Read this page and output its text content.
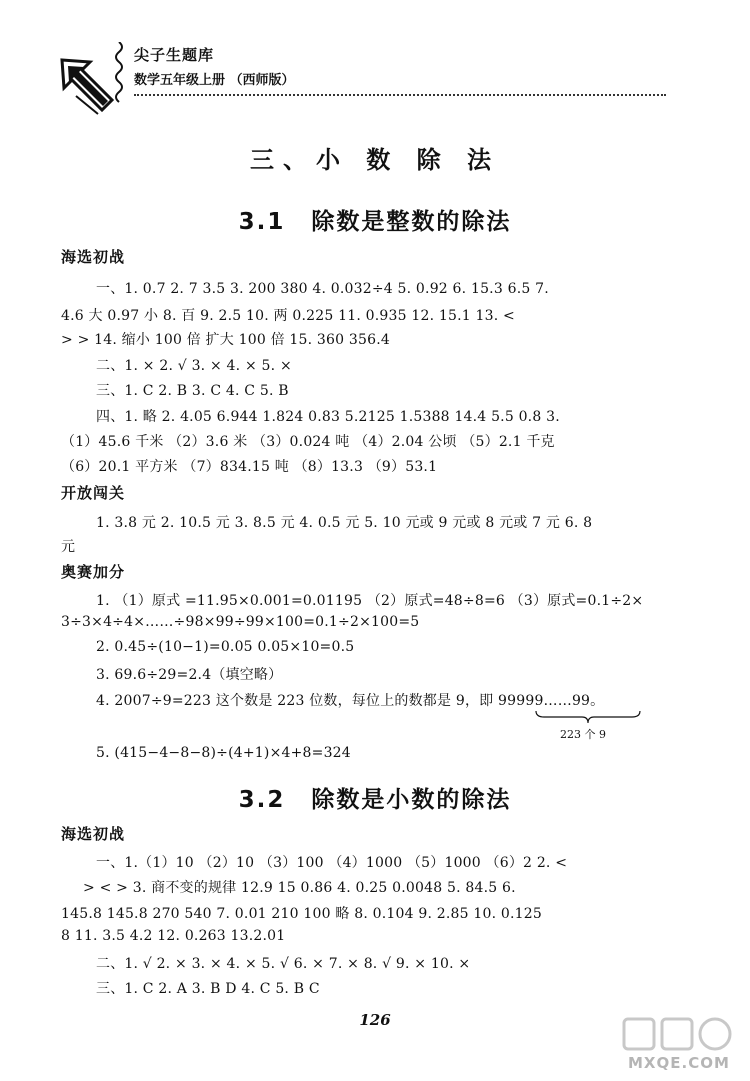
尖子生题库
数学五年级上册 （西师版）
三、小 数 除 法
3.1 除数是整数的除法
海选初战
一、1. 0.7 2. 7 3.5 3. 200 380 4. 0.032÷4 5. 0.92 6. 15.3 6.5 7.
4.6 大 0.97 小 8. 百 9. 2.5 10. 两 0.225 11. 0.935 12. 15.1 13. <
> > 14. 缩小 100 倍 扩大 100 倍 15. 360 356.4
二、1. × 2. √ 3. × 4. × 5. ×
三、1. C 2. B 3. C 4. C 5. B
四、1. 略 2. 4.05 6.944 1.824 0.83 5.2125 1.5388 14.4 5.5 0.8 3.
（1）45.6 千米 （2）3.6 米 （3）0.024 吨 （4）2.04 公顷 （5）2.1 千克
（6）20.1 平方米 （7）834.15 吨 （8）13.3 （9）53.1
开放闯关
1. 3.8 元 2. 10.5 元 3. 8.5 元 4. 0.5 元 5. 10 元或 9 元或 8 元或 7 元 6. 8
元
奥赛加分
1. （1）原式 =11.95×0.001=0.01195 （2）原式=48÷8=6 （3）原式=0.1÷2×
3÷3×4÷4×……÷98×99÷99×100=0.1÷2×100=5
2. 0.45÷(10−1)=0.05 0.05×10=0.5
3. 69.6÷29=2.4（填空略）
4. 2007÷9=223 这个数是 223 位数，每位上的数都是 9，即 99999……99。
223 个 9
5. (415−4−8−8)÷(4+1)×4+8=324
3.2 除数是小数的除法
海选初战
一、1.（1）10 （2）10 （3）100 （4）1000 （5）1000 （6）2 2. <
> < > 3. 商不变的规律 12.9 15 0.86 4. 0.25 0.0048 5. 84.5 6.
145.8 145.8 270 540 7. 0.01 210 100 略 8. 0.104 9. 2.85 10. 0.125
8 11. 3.5 4.2 12. 0.263 13.2.01
二、1. √ 2. × 3. × 4. × 5. √ 6. × 7. × 8. √ 9. × 10. ×
三、1. C 2. A 3. B D 4. C 5. B C
126
MXQE.COM
